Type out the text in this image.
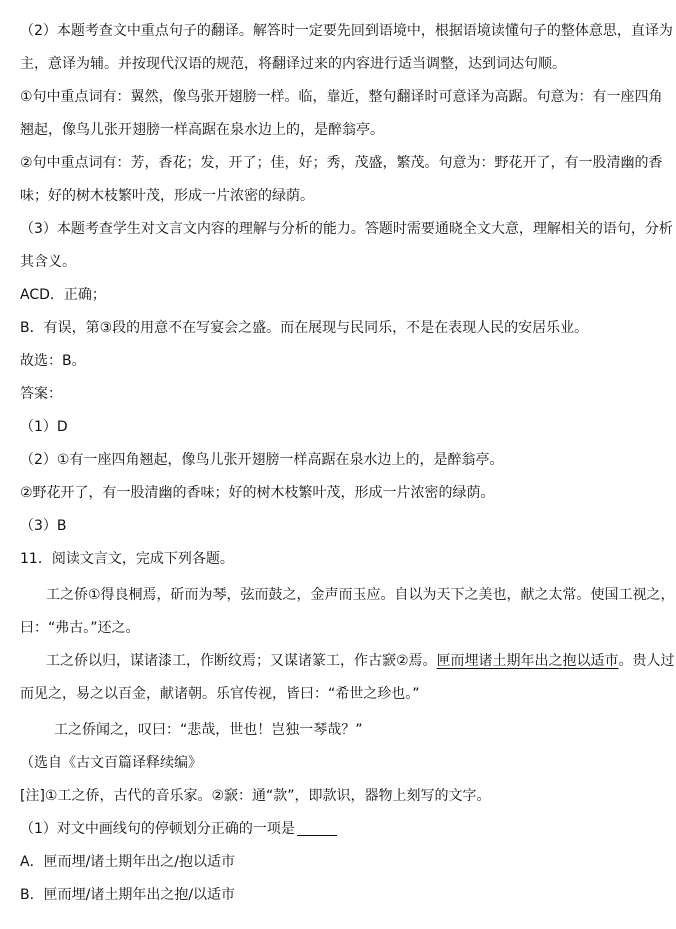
（2）本题考查文中重点句子的翻译。解答时一定要先回到语境中，根据语境读懂句子的整体意思，直译为
主，意译为辅。并按现代汉语的规范，将翻译过来的内容进行适当调整，达到词达句顺。
①句中重点词有：翼然，像鸟张开翅膀一样。临，靠近，整句翻译时可意译为高踞。句意为：有一座四角
翘起，像鸟儿张开翅膀一样高踞在泉水边上的，是醉翁亭。
②句中重点词有：芳，香花；发，开了；佳，好；秀，茂盛，繁茂。句意为：野花开了，有一股清幽的香
味；好的树木枝繁叶茂，形成一片浓密的绿荫。
（3）本题考查学生对文言文内容的理解与分析的能力。答题时需要通晓全文大意，理解相关的语句，分析
其含义。
ACD．正确；
B．有误，第③段的用意不在写宴会之盛。而在展现与民同乐，不是在表现人民的安居乐业。
故选：B。
答案：
（1）D
（2）①有一座四角翘起，像鸟儿张开翅膀一样高踞在泉水边上的，是醉翁亭。
②野花开了，有一股清幽的香味；好的树木枝繁叶茂，形成一片浓密的绿荫。
（3）B
11．阅读文言文，完成下列各题。
工之侨①得良桐焉，斫而为琴，弦而鼓之，金声而玉应。自以为天下之美也，献之太常。使国工视之，
曰：“弗古。”还之。
工之侨以归，谋诸漆工，作断纹焉；又谋诸篆工，作古窾②焉。匣而埋诸土期年出之抱以适市。贵人过
而见之，易之以百金，献诸朝。乐官传视，皆曰：“希世之珍也。”
工之侨闻之，叹曰：“悲哉，世也！岂独一琴哉？”
（选自《古文百篇译释续编》
[注]①工之侨，古代的音乐家。②窾：通“款”，即款识，器物上刻写的文字。
（1）对文中画线句的停顿划分正确的一项是
A．匣而埋/诸土期年出之/抱以适市
B．匣而埋/诸土期年出之抱/以适市
